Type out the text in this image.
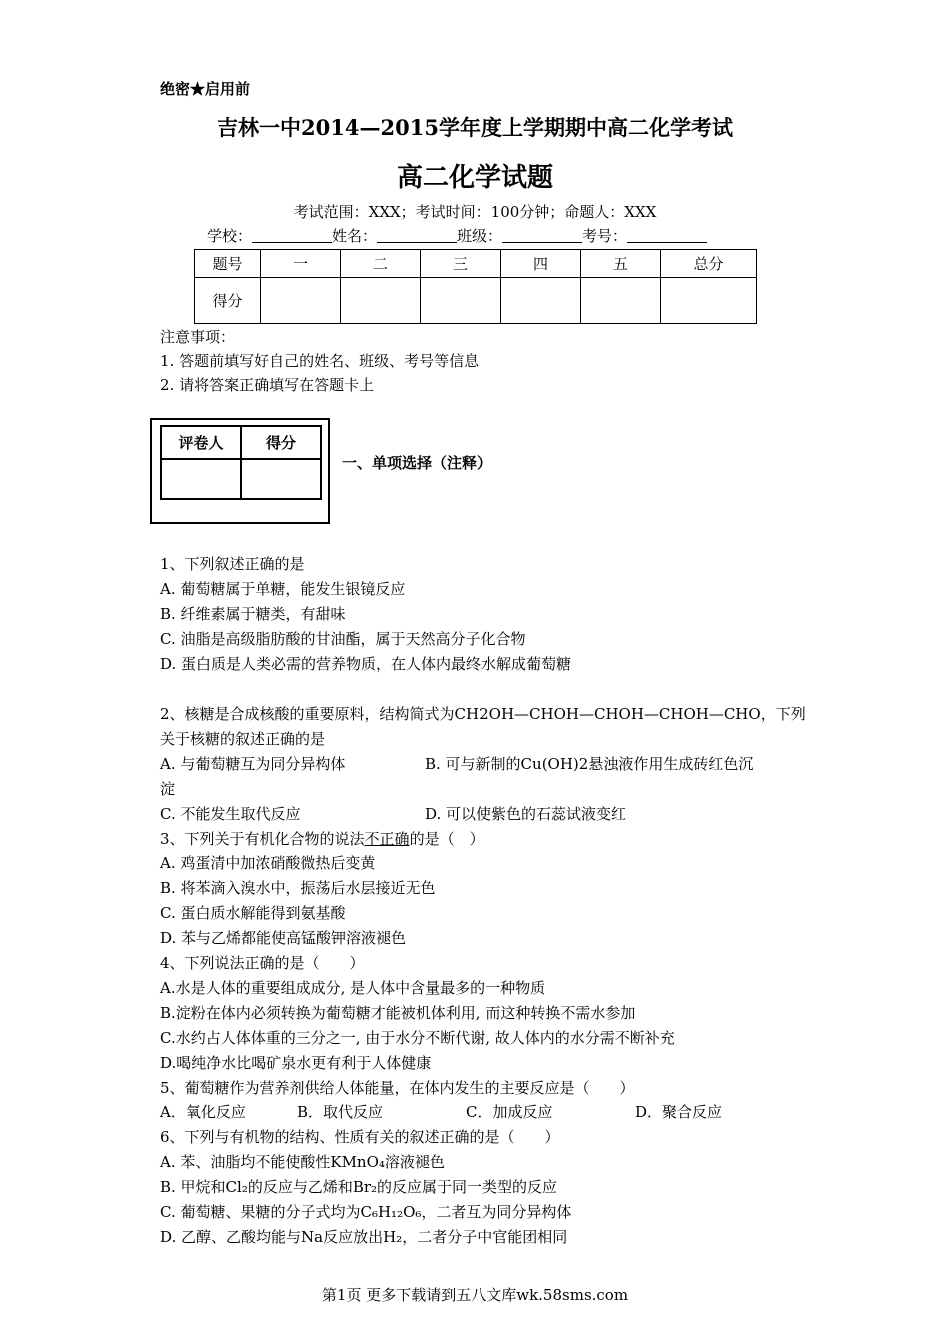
绝密★启用前
吉林一中2014—2015学年度上学期期中高二化学考试
高二化学试题
考试范围：XXX；考试时间：100分钟；命题人：XXX
学校：	姓名：	班级：	考号：
题号	一	二	三	四	五	总分
得分						
注意事项：
1. 答题前填写好自己的姓名、班级、考号等信息
2. 请将答案正确填写在答题卡上
评卷人	得分

一、单项选择（注释）
1、下列叙述正确的是
A. 葡萄糖属于单糖，能发生银镜反应
B. 纤维素属于糖类，有甜味
C. 油脂是高级脂肪酸的甘油酯，属于天然高分子化合物
D. 蛋白质是人类必需的营养物质，在人体内最终水解成葡萄糖
2、核糖是合成核酸的重要原料，结构简式为CH2OH—CHOH—CHOH—CHOH—CHO，下列
关于核糖的叙述正确的是
A. 与葡萄糖互为同分异构体	B. 可与新制的Cu(OH)2悬浊液作用生成砖红色沉
淀
C. 不能发生取代反应	D. 可以使紫色的石蕊试液变红
3、下列关于有机化合物的说法不正确的是（　）
A. 鸡蛋清中加浓硝酸微热后变黄
B. 将苯滴入溴水中，振荡后水层接近无色
C. 蛋白质水解能得到氨基酸
D. 苯与乙烯都能使高锰酸钾溶液褪色
4、下列说法正确的是（　　）
A.水是人体的重要组成成分, 是人体中含量最多的一种物质
B.淀粉在体内必须转换为葡萄糖才能被机体利用, 而这种转换不需水参加
C.水约占人体体重的三分之一, 由于水分不断代谢, 故人体内的水分需不断补充
D.喝纯净水比喝矿泉水更有利于人体健康
5、葡萄糖作为营养剂供给人体能量，在体内发生的主要反应是（　　）
A．氧化反应	B．取代反应	C．加成反应	D．聚合反应
6、下列与有机物的结构、性质有关的叙述正确的是（　　）
A. 苯、油脂均不能使酸性KMnO₄溶液褪色
B. 甲烷和Cl₂的反应与乙烯和Br₂的反应属于同一类型的反应
C. 葡萄糖、果糖的分子式均为C₆H₁₂O₆，二者互为同分异构体
D. 乙醇、乙酸均能与Na反应放出H₂，二者分子中官能团相同
第1页 更多下载请到五八文库wk.58sms.com
